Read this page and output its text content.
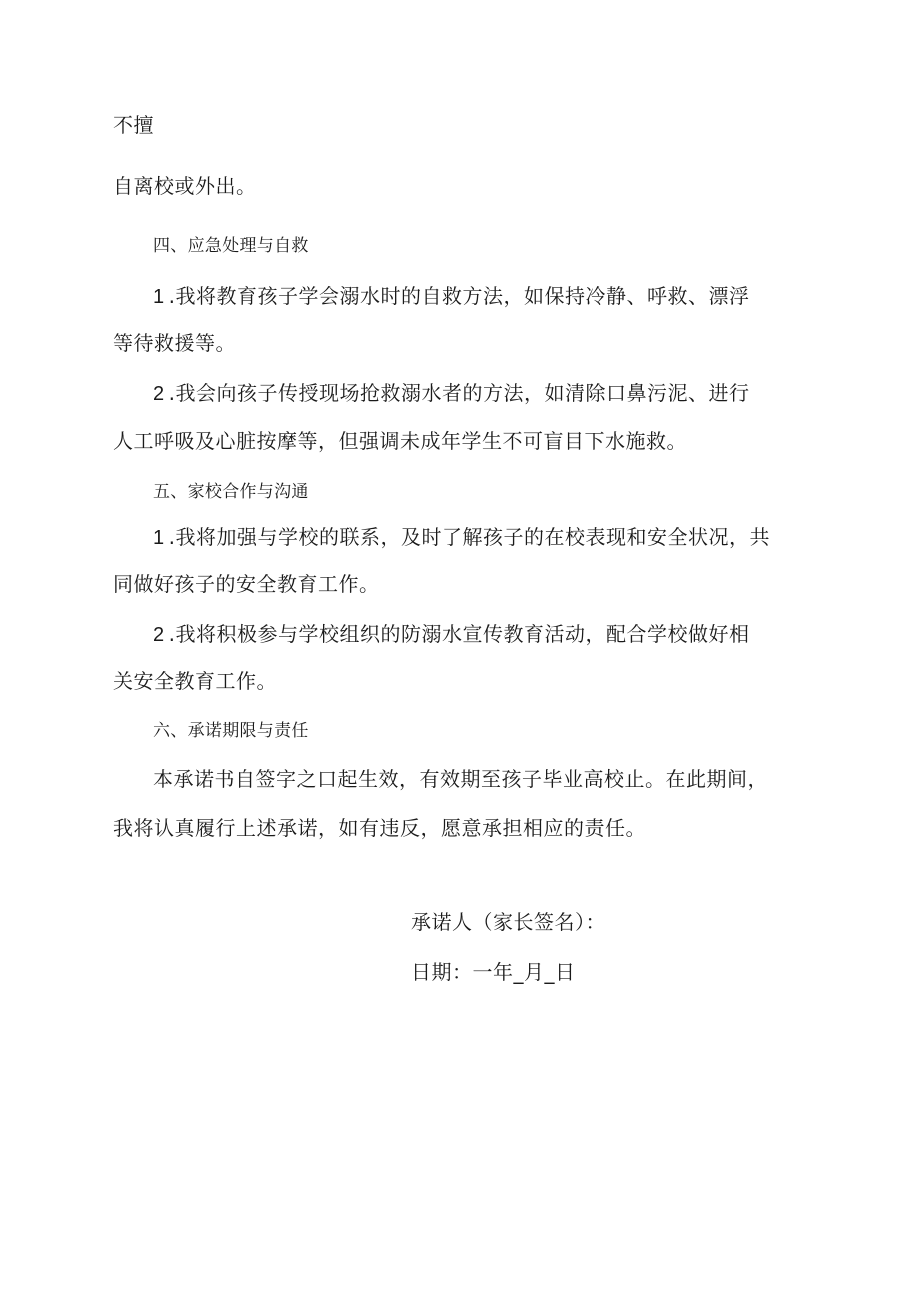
不擅
自离校或外出。
四、应急处理与自救
1 .我将教育孩子学会溺水时的自救方法，如保持冷静、呼救、漂浮
等待救援等。
2 .我会向孩子传授现场抢救溺水者的方法，如清除口鼻污泥、进行
人工呼吸及心脏按摩等，但强调未成年学生不可盲目下水施救。
五、家校合作与沟通
1 .我将加强与学校的联系，及时了解孩子的在校表现和安全状况，共
同做好孩子的安全教育工作。
2 .我将积极参与学校组织的防溺水宣传教育活动，配合学校做好相
关安全教育工作。
六、承诺期限与责任
本承诺书自签字之口起生效，有效期至孩子毕业高校止。在此期间，
我将认真履行上述承诺，如有违反，愿意承担相应的责任。
承诺人（家长签名）：
日期：一年_月_日
